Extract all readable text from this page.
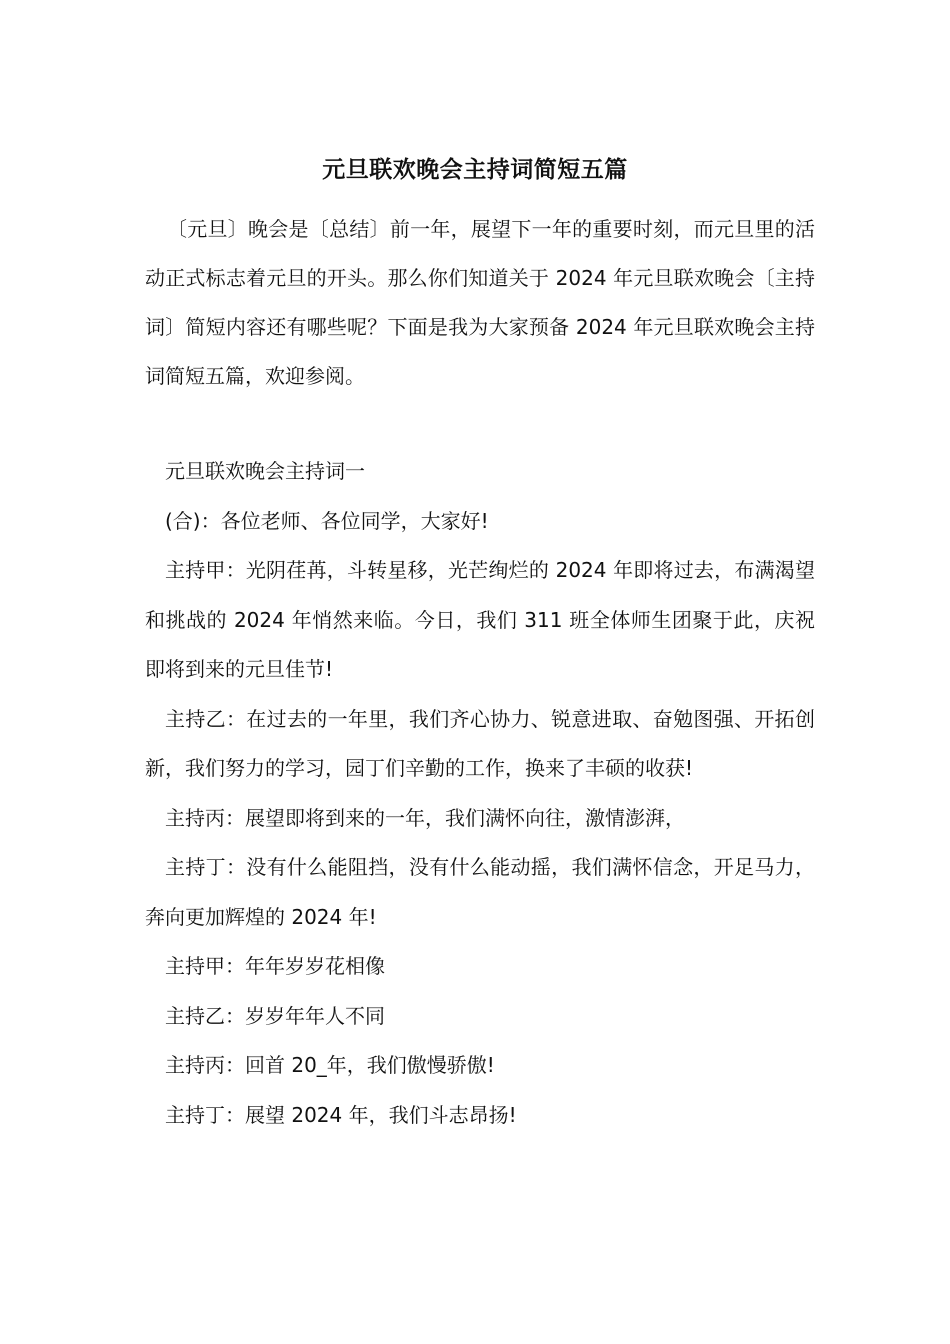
元旦联欢晚会主持词简短五篇

〔元旦〕晚会是〔总结〕前一年，展望下一年的重要时刻，而元旦里的活动正式标志着元旦的开头。那么你们知道关于 2024 年元旦联欢晚会〔主持词〕简短内容还有哪些呢？下面是我为大家预备 2024 年元旦联欢晚会主持词简短五篇，欢迎参阅。

元旦联欢晚会主持词一

(合)：各位老师、各位同学，大家好!

主持甲：光阴荏苒，斗转星移，光芒绚烂的 2024 年即将过去，布满渴望和挑战的 2024 年悄然来临。今日，我们 311 班全体师生团聚于此，庆祝即将到来的元旦佳节!

主持乙：在过去的一年里，我们齐心协力、锐意进取、奋勉图强、开拓创新，我们努力的学习，园丁们辛勤的工作，换来了丰硕的收获!

主持丙：展望即将到来的一年，我们满怀向往，激情澎湃，

主持丁：没有什么能阻挡，没有什么能动摇，我们满怀信念，开足马力，奔向更加辉煌的 2024 年!

主持甲：年年岁岁花相像

主持乙：岁岁年年人不同

主持丙：回首 20_年，我们傲慢骄傲!

主持丁：展望 2024 年，我们斗志昂扬!
